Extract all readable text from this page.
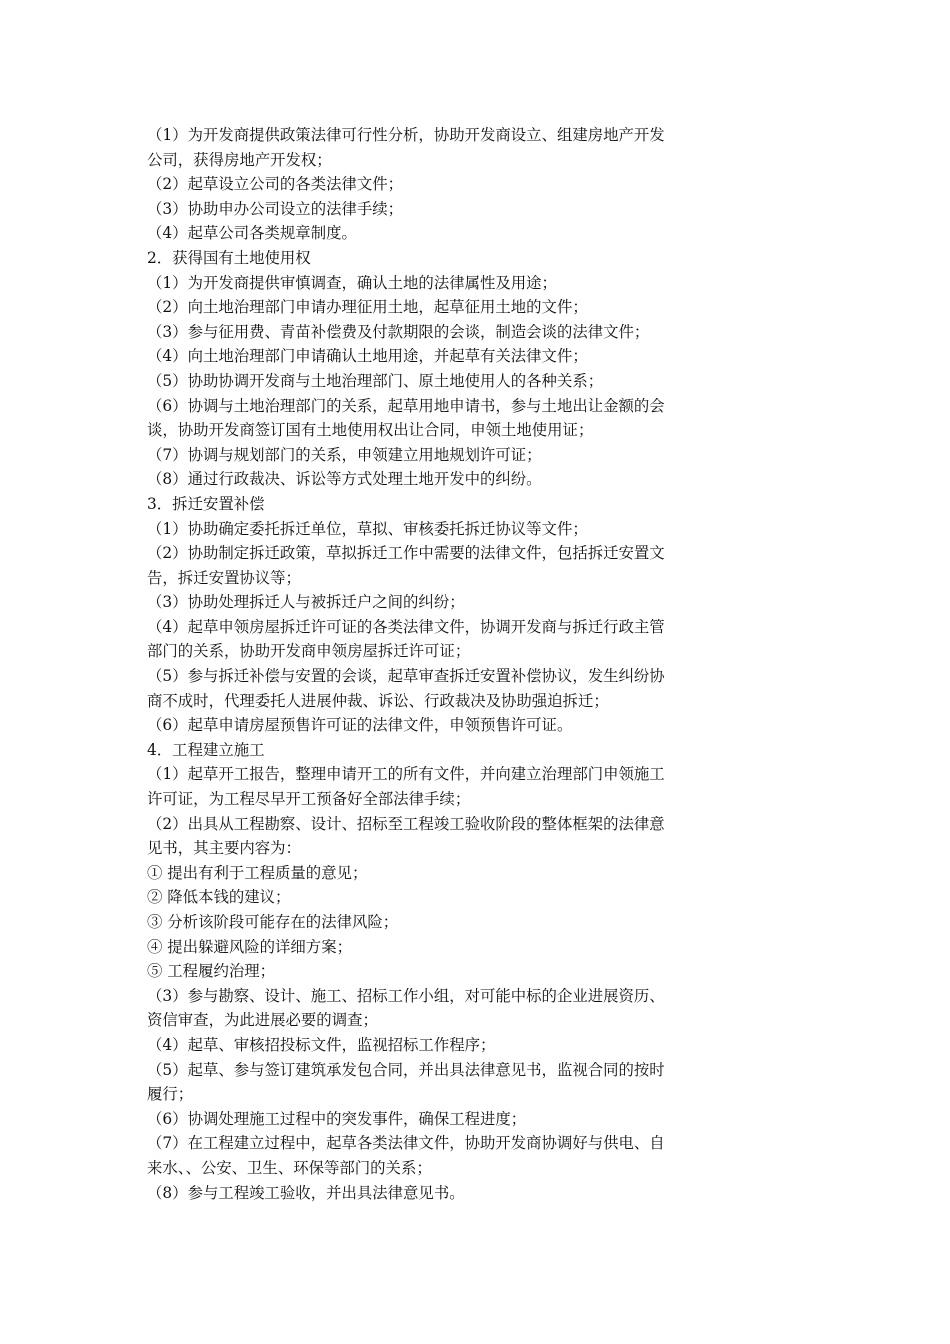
（1）为开发商提供政策法律可行性分析，协助开发商设立、组建房地产开发

公司，获得房地产开发权；

（2）起草设立公司的各类法律文件；

（3）协助申办公司设立的法律手续；

（4）起草公司各类规章制度。

2．获得国有土地使用权

（1）为开发商提供审慎调查，确认土地的法律属性及用途；

（2）向土地治理部门申请办理征用土地，起草征用土地的文件；

（3）参与征用费、青苗补偿费及付款期限的会谈，制造会谈的法律文件；

（4）向土地治理部门申请确认土地用途，并起草有关法律文件；

（5）协助协调开发商与土地治理部门、原土地使用人的各种关系；

（6）协调与土地治理部门的关系，起草用地申请书，参与土地出让金额的会

谈，协助开发商签订国有土地使用权出让合同，申领土地使用证；

（7）协调与规划部门的关系，申领建立用地规划许可证；

（8）通过行政裁决、诉讼等方式处理土地开发中的纠纷。

3．拆迁安置补偿

（1）协助确定委托拆迁单位，草拟、审核委托拆迁协议等文件；

（2）协助制定拆迁政策，草拟拆迁工作中需要的法律文件，包括拆迁安置文

告，拆迁安置协议等；

（3）协助处理拆迁人与被拆迁户之间的纠纷；

（4）起草申领房屋拆迁许可证的各类法律文件，协调开发商与拆迁行政主管

部门的关系，协助开发商申领房屋拆迁许可证；

（5）参与拆迁补偿与安置的会谈，起草审查拆迁安置补偿协议，发生纠纷协

商不成时，代理委托人进展仲裁、诉讼、行政裁决及协助强迫拆迁；

（6）起草申请房屋预售许可证的法律文件，申领预售许可证。

4．工程建立施工

（1）起草开工报告，整理申请开工的所有文件，并向建立治理部门申领施工

许可证，为工程尽早开工预备好全部法律手续；

（2）出具从工程勘察、设计、招标至工程竣工验收阶段的整体框架的法律意

见书，其主要内容为：

① 提出有利于工程质量的意见；

② 降低本钱的建议；

③ 分析该阶段可能存在的法律风险；

④ 提出躲避风险的详细方案；

⑤ 工程履约治理；

（3）参与勘察、设计、施工、招标工作小组，对可能中标的企业进展资历、

资信审查，为此进展必要的调查；

（4）起草、审核招投标文件，监视招标工作程序；

（5）起草、参与签订建筑承发包合同，并出具法律意见书，监视合同的按时

履行；

（6）协调处理施工过程中的突发事件，确保工程进度；

（7）在工程建立过程中，起草各类法律文件，协助开发商协调好与供电、自

来水、、公安、卫生、环保等部门的关系；

（8）参与工程竣工验收，并出具法律意见书。
